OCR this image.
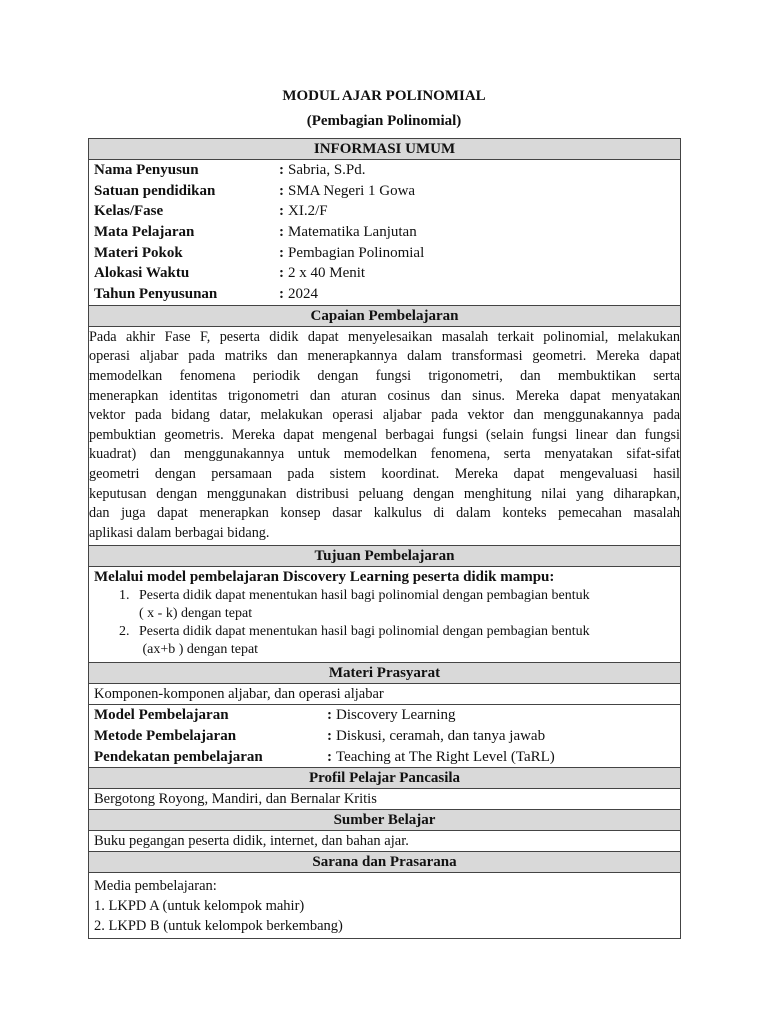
MODUL AJAR POLINOMIAL
(Pembagian Polinomial)
INFORMASI UMUM
Nama Penyusun	: Sabria, S.Pd.
Satuan pendidikan	: SMA Negeri 1 Gowa
Kelas/Fase	: XI.2/F
Mata Pelajaran	: Matematika Lanjutan
Materi Pokok	: Pembagian Polinomial
Alokasi Waktu	: 2 x 40 Menit
Tahun Penyusunan	: 2024
Capaian Pembelajaran
Pada akhir Fase F, peserta didik dapat menyelesaikan masalah terkait polinomial, melakukan
operasi aljabar pada matriks dan menerapkannya dalam transformasi geometri. Mereka dapat
memodelkan fenomena periodik dengan fungsi trigonometri, dan membuktikan serta
menerapkan identitas trigonometri dan aturan cosinus dan sinus. Mereka dapat menyatakan
vektor pada bidang datar, melakukan operasi aljabar pada vektor dan menggunakannya pada
pembuktian geometris. Mereka dapat mengenal berbagai fungsi (selain fungsi linear dan fungsi
kuadrat) dan menggunakannya untuk memodelkan fenomena, serta menyatakan sifat-sifat
geometri dengan persamaan pada sistem koordinat. Mereka dapat mengevaluasi hasil
keputusan dengan menggunakan distribusi peluang dengan menghitung nilai yang diharapkan,
dan juga dapat menerapkan konsep dasar kalkulus di dalam konteks pemecahan masalah
aplikasi dalam berbagai bidang.
Tujuan Pembelajaran
Melalui model pembelajaran Discovery Learning peserta didik mampu:
1. Peserta didik dapat menentukan hasil bagi polinomial dengan pembagian bentuk
( x - k) dengan tepat
2. Peserta didik dapat menentukan hasil bagi polinomial dengan pembagian bentuk
(ax+b ) dengan tepat
Materi Prasyarat
Komponen-komponen aljabar, dan operasi aljabar
Model Pembelajaran	: Discovery Learning
Metode Pembelajaran	: Diskusi, ceramah, dan tanya jawab
Pendekatan pembelajaran	: Teaching at The Right Level (TaRL)
Profil Pelajar Pancasila
Bergotong Royong, Mandiri, dan Bernalar Kritis
Sumber Belajar
Buku pegangan peserta didik, internet, dan bahan ajar.
Sarana dan Prasarana
Media pembelajaran:
1. LKPD A (untuk kelompok mahir)
2. LKPD B (untuk kelompok berkembang)
